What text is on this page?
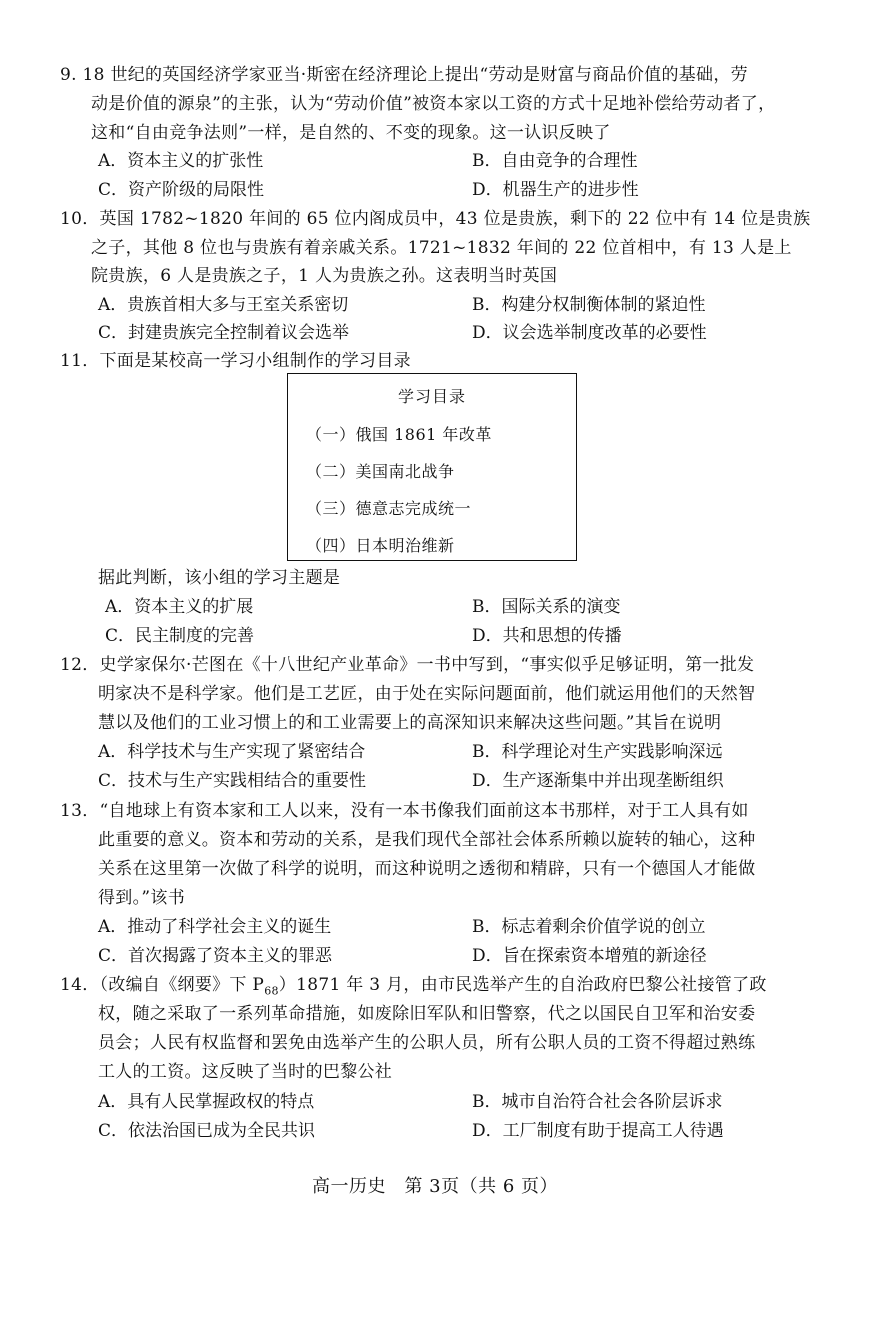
9. 18 世纪的英国经济学家亚当·斯密在经济理论上提出“劳动是财富与商品价值的基础，劳
动是价值的源泉”的主张，认为“劳动价值”被资本家以工资的方式十足地补偿给劳动者了，
这和“自由竞争法则”一样，是自然的、不变的现象。这一认识反映了
A．资本主义的扩张性	B．自由竞争的合理性
C．资产阶级的局限性	D．机器生产的进步性
10．英国 1782~1820 年间的 65 位内阁成员中，43 位是贵族，剩下的 22 位中有 14 位是贵族
之子，其他 8 位也与贵族有着亲戚关系。1721~1832 年间的 22 位首相中，有 13 人是上
院贵族，6 人是贵族之子，1 人为贵族之孙。这表明当时英国
A．贵族首相大多与王室关系密切	B．构建分权制衡体制的紧迫性
C．封建贵族完全控制着议会选举	D．议会选举制度改革的必要性
11．下面是某校高一学习小组制作的学习目录
学习目录
（一）俄国 1861 年改革
（二）美国南北战争
（三）德意志完成统一
（四）日本明治维新
据此判断，该小组的学习主题是
A．资本主义的扩展	B．国际关系的演变
C．民主制度的完善	D．共和思想的传播
12．史学家保尔·芒图在《十八世纪产业革命》一书中写到，“事实似乎足够证明，第一批发
明家决不是科学家。他们是工艺匠，由于处在实际问题面前，他们就运用他们的天然智
慧以及他们的工业习惯上的和工业需要上的高深知识来解决这些问题。”其旨在说明
A．科学技术与生产实现了紧密结合	B．科学理论对生产实践影响深远
C．技术与生产实践相结合的重要性	D．生产逐渐集中并出现垄断组织
13．“自地球上有资本家和工人以来，没有一本书像我们面前这本书那样，对于工人具有如
此重要的意义。资本和劳动的关系，是我们现代全部社会体系所赖以旋转的轴心，这种
关系在这里第一次做了科学的说明，而这种说明之透彻和精辟，只有一个德国人才能做
得到。”该书
A．推动了科学社会主义的诞生	B．标志着剩余价值学说的创立
C．首次揭露了资本主义的罪恶	D．旨在探索资本增殖的新途径
14．（改编自《纲要》下 $P_{68})1871$ 年 3 月，由市民选举产生的自治政府巴黎公社接管了政
权，随之采取了一系列革命措施，如废除旧军队和旧警察，代之以国民自卫军和治安委
员会；人民有权监督和罢免由选举产生的公职人员，所有公职人员的工资不得超过熟练
工人的工资。这反映了当时的巴黎公社
A．具有人民掌握政权的特点	B．城市自治符合社会各阶层诉求
C．依法治国已成为全民共识	D．工厂制度有助于提高工人待遇
高一历史　第 3页（共 6 页）
